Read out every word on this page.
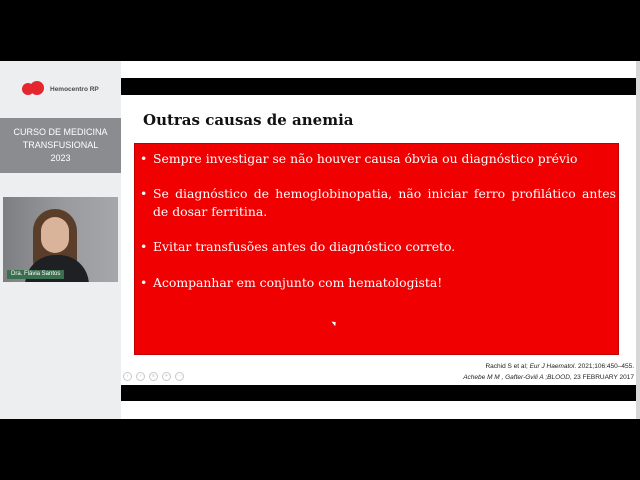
Hemocentro RP
CURSO DE MEDICINA
TRANSFUSIONAL
2023
Dra. Flávia Santos
Outras causas de anemia
• Sempre investigar se não houver causa óbvia ou diagnóstico prévio
• Se diagnóstico de hemoglobinopatia, não iniciar ferro profilático antes de dosar ferritina.
• Evitar transfusões antes do diagnóstico correto.
• Acompanhar em conjunto com hematologista!
‹	›	≡	+	⋯
Rachid S et al; Eur J Haematol. 2021;106:450–455.
Achebe M M , Gafter-Gvili A ;BLOOD, 23 FEBRUARY 2017
